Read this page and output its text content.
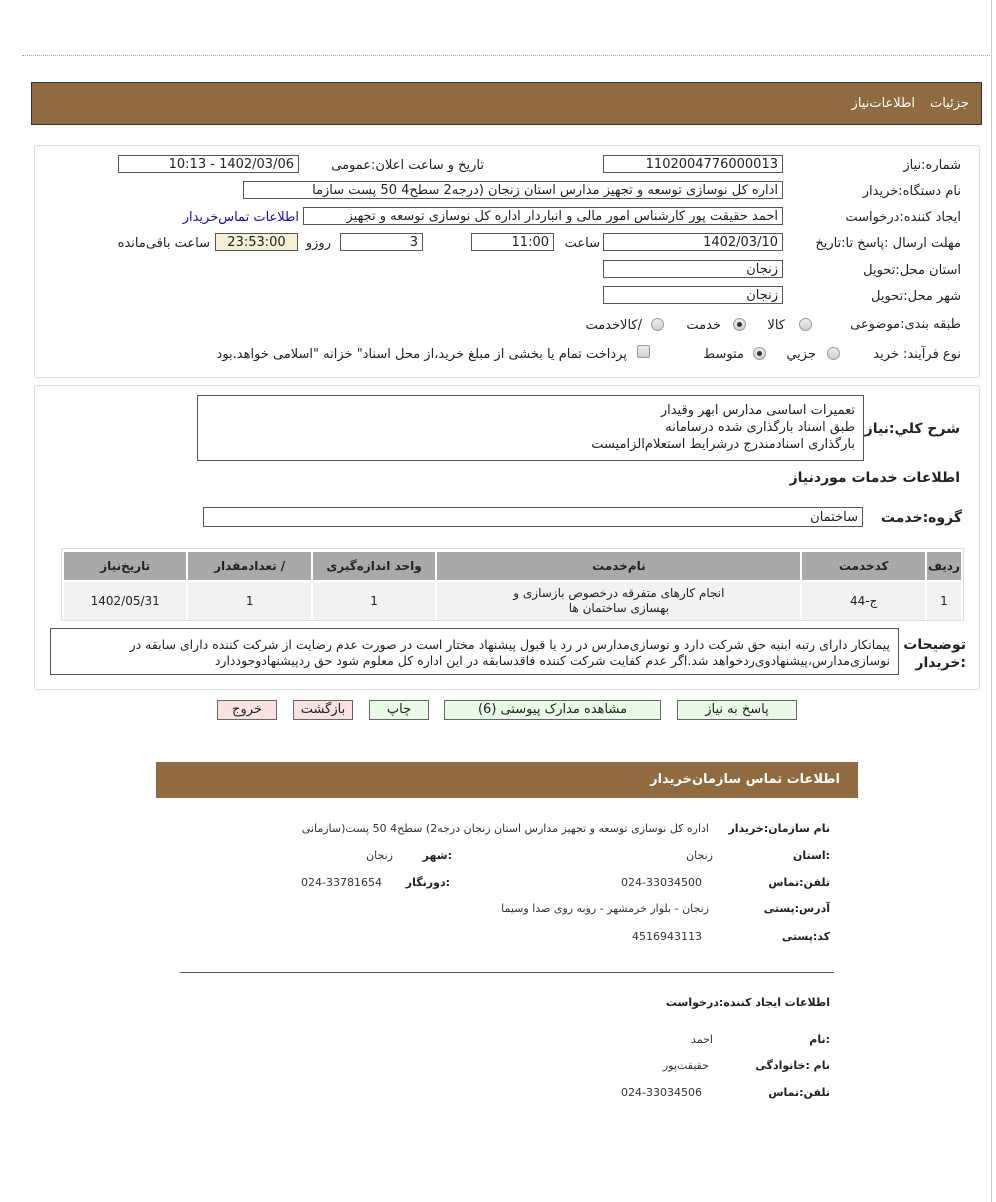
جزئیات
اطلاعات‌نیاز
شماره:نیاز
1102004776000013
تاریخ و ساعت اعلان:عمومی
1402/03/06 - 10:13
نام دستگاه:خریدار
اداره کل نوسازی توسعه و تجهیز مدارس استان زنجان (درجه2 سطح4 50 پست سازما
ایجاد کننده:درخواست
احمد حقیقت پور کارشناس امور مالی و انباردار اداره کل نوسازی توسعه و تجهیز
اطلاعات تماس‌خریدار
مهلت ارسال :پاسخ تا:تاریخ
1402/03/10
ساعت
11:00
3
روزو
23:53:00
ساعت باقی‌مانده
استان محل:تحویل
زنجان
شهر محل:تحویل
زنجان
طبقه بندی:موضوعی
کالا
خدمت
/کالاخدمت
نوع فرآیند: خرید
جزيي
متوسط
پرداخت تمام یا بخشی از مبلغ خرید،از محل اسناد" خزانه "اسلامی خواهد.بود
شرح کلي:نياز
تعمیرات اساسی مدارس ابهر وقیدار
طبق اسناد بارگذاری شده درسامانه
بارگذاری اسنادمندرج درشرایط استعلام‌الزامیست
اطلاعات خدمات موردنیاز
گروه:خدمت
ساختمان
ردیف	کدخدمت	نام‌خدمت	واحد اندازه‌گیری	/ تعدادمقدار	تاریخ‌نیاز
1	ج-44	انجام کارهای متفرقه درخصوص بازسازی و
بهسازی ساختمان ها	1	1	1402/05/31
توضیحات
:خریدار
پیمانکار دارای رتبه ابنیه حق شرکت دارد و نوسازی‌مدارس در رد یا قبول پیشنهاد مختار است در صورت عدم رضایت از شرکت کننده دارای سابقه در
نوسازی‌مدارس،پیشنهادوی‌ردخواهد شد.اگر عدم کفایت شرکت کننده فاقدسابقه در این اداره کل معلوم شود حق ردپیشنهادوجوددارد
پاسخ به نیاز
مشاهده مدارک پیوستی (6)
چاپ
بازگشت
خروج
اطلاعات تماس سازمان‌خریدار
نام سازمان:خریدار
اداره کل نوسازی توسعه و تجهیز مدارس استان زنجان درجه2) سطح4 50 پست(سازمانی
:استان
زنجان
:شهر
زنجان
تلفن:تماس
024-33034500
:دورنگار
024-33781654
آدرس:پستی
زنجان - بلوار خرمشهر - روبه روی صدا وسیما
کد:پستی
4516943113
اطلاعات ایجاد کننده:درخواست
:نام
احمد
نام :خانوادگی
حقیقت‌پور
تلفن:تماس
024-33034506
